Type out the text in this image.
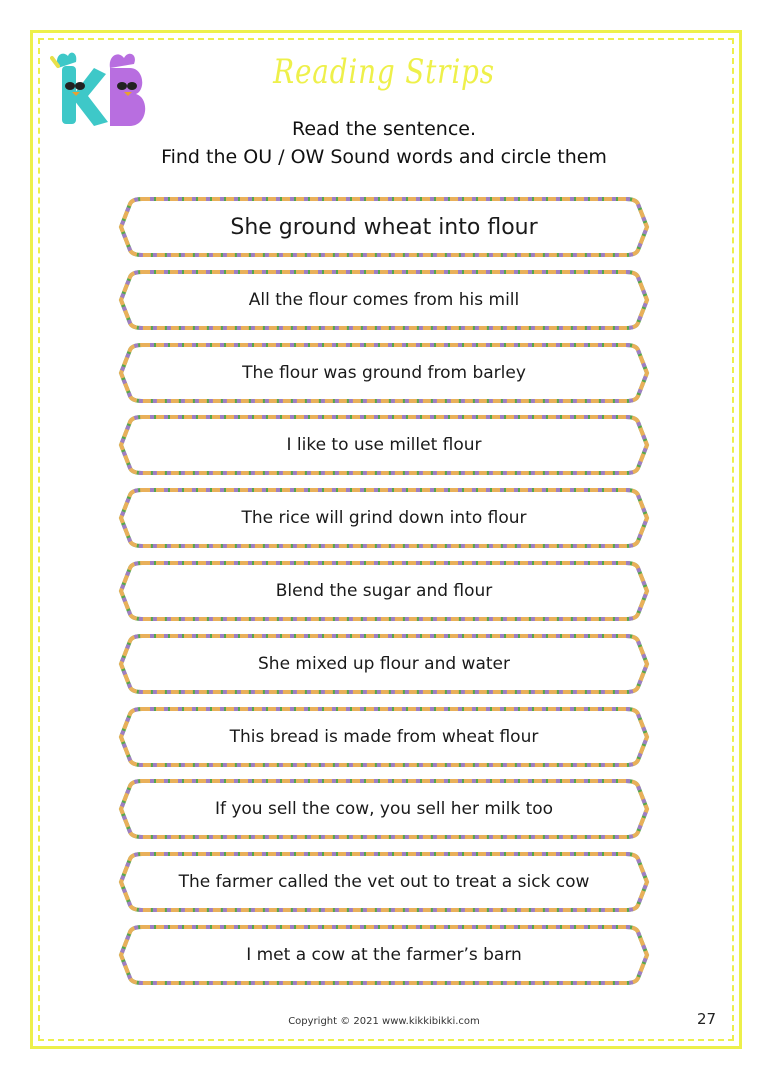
Reading Strips
Read the sentence.
Find the OU / OW Sound words and circle them
She ground wheat into flour
All the flour comes from his mill
The flour was ground from barley
I like to use millet flour
The rice will grind down into flour
Blend the sugar and flour
She mixed up flour and water
This bread is made from wheat flour
If you sell the cow, you sell her milk too
The farmer called the vet out to treat a sick cow
I met a cow at the farmer’s barn
Copyright © 2021 www.kikkibikki.com	27
